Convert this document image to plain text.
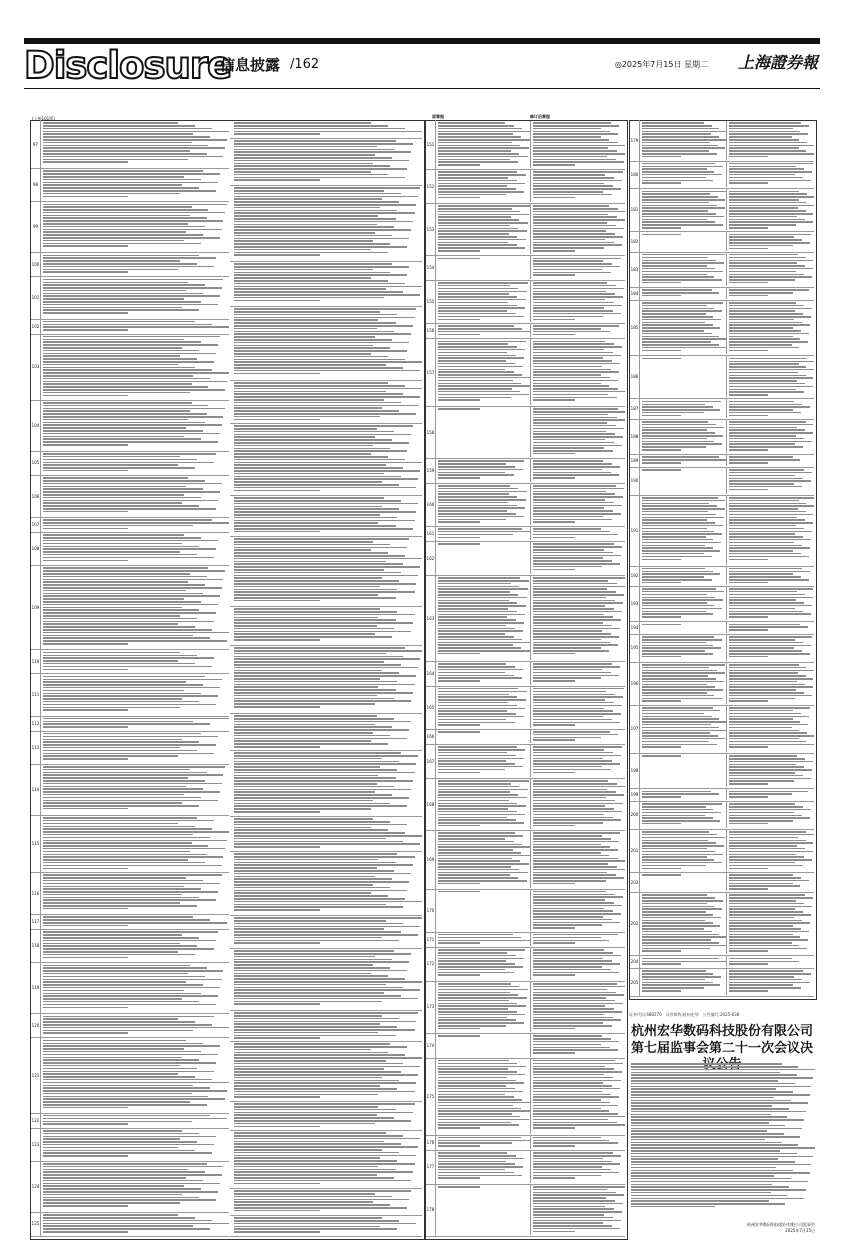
Disclosure
信息披露 /162	◎2025年7月15日 星期二 上海證券報
(上接161版)
97
98
99
100
101
102
103
104
105
106
107
108
109
110
111
112
113
114
115
116
117
118
119
120
121
122
123
124
125
151
152
153
154
155
156
157
158
159
160
161
162
163
164
165
166
167
168
169
170
171
172
173
174
175
176
177
178
179
180
181
182
183
184
185
186
187
188
189
190
191
192
193
194
195
196
197
198
199
200
201
202
203
204
205
原章程	修订后章程
证券代码:688270 证券简称:杭州宏华 公告编号:2025-038
杭州宏华数码科技股份有限公司
第七届监事会第二十一次会议决
杭州宏华数码科技股份有限公司监事会
2025年7月15日
